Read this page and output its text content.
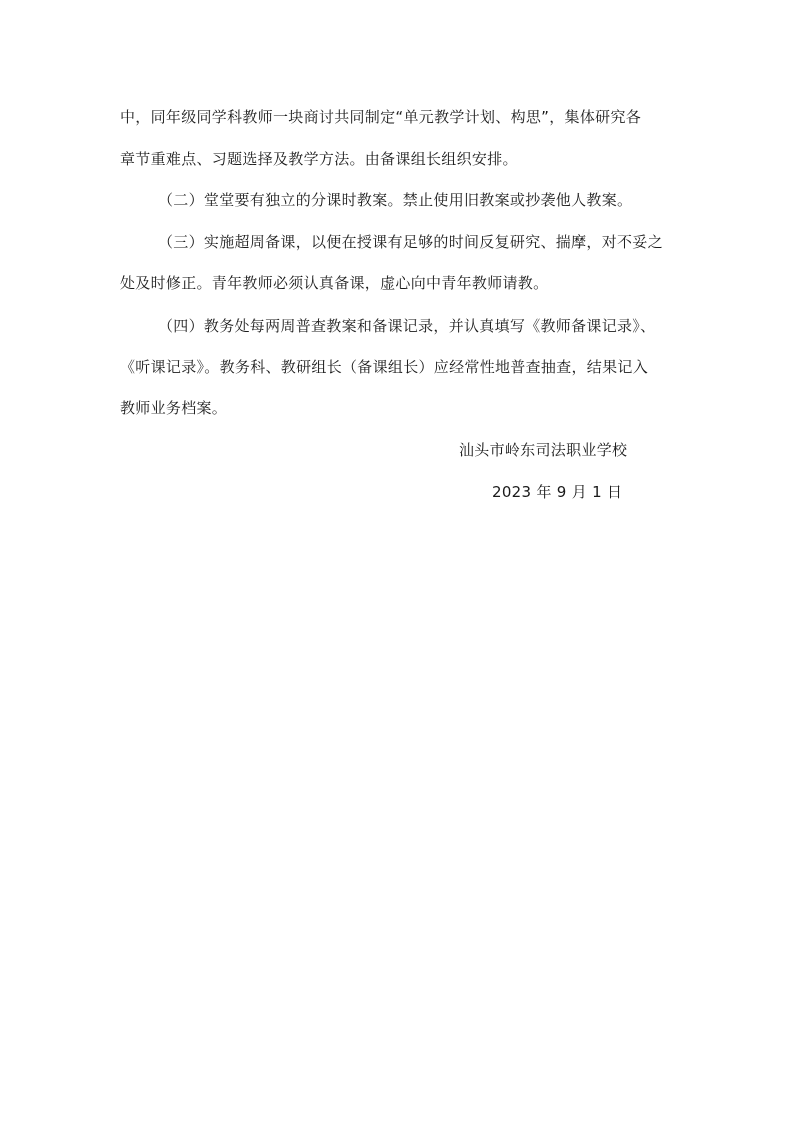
中，同年级同学科教师一块商讨共同制定“单元教学计划、构思”，集体研究各
章节重难点、习题选择及教学方法。由备课组长组织安排。
（二）堂堂要有独立的分课时教案。禁止使用旧教案或抄袭他人教案。
（三）实施超周备课，以便在授课有足够的时间反复研究、揣摩，对不妥之
处及时修正。青年教师必须认真备课，虚心向中青年教师请教。
（四）教务处每两周普查教案和备课记录，并认真填写《教师备课记录》、
《听课记录》。教务科、教研组长（备课组长）应经常性地普查抽查，结果记入
教师业务档案。
汕头市岭东司法职业学校
2023 年 9 月 1 日
